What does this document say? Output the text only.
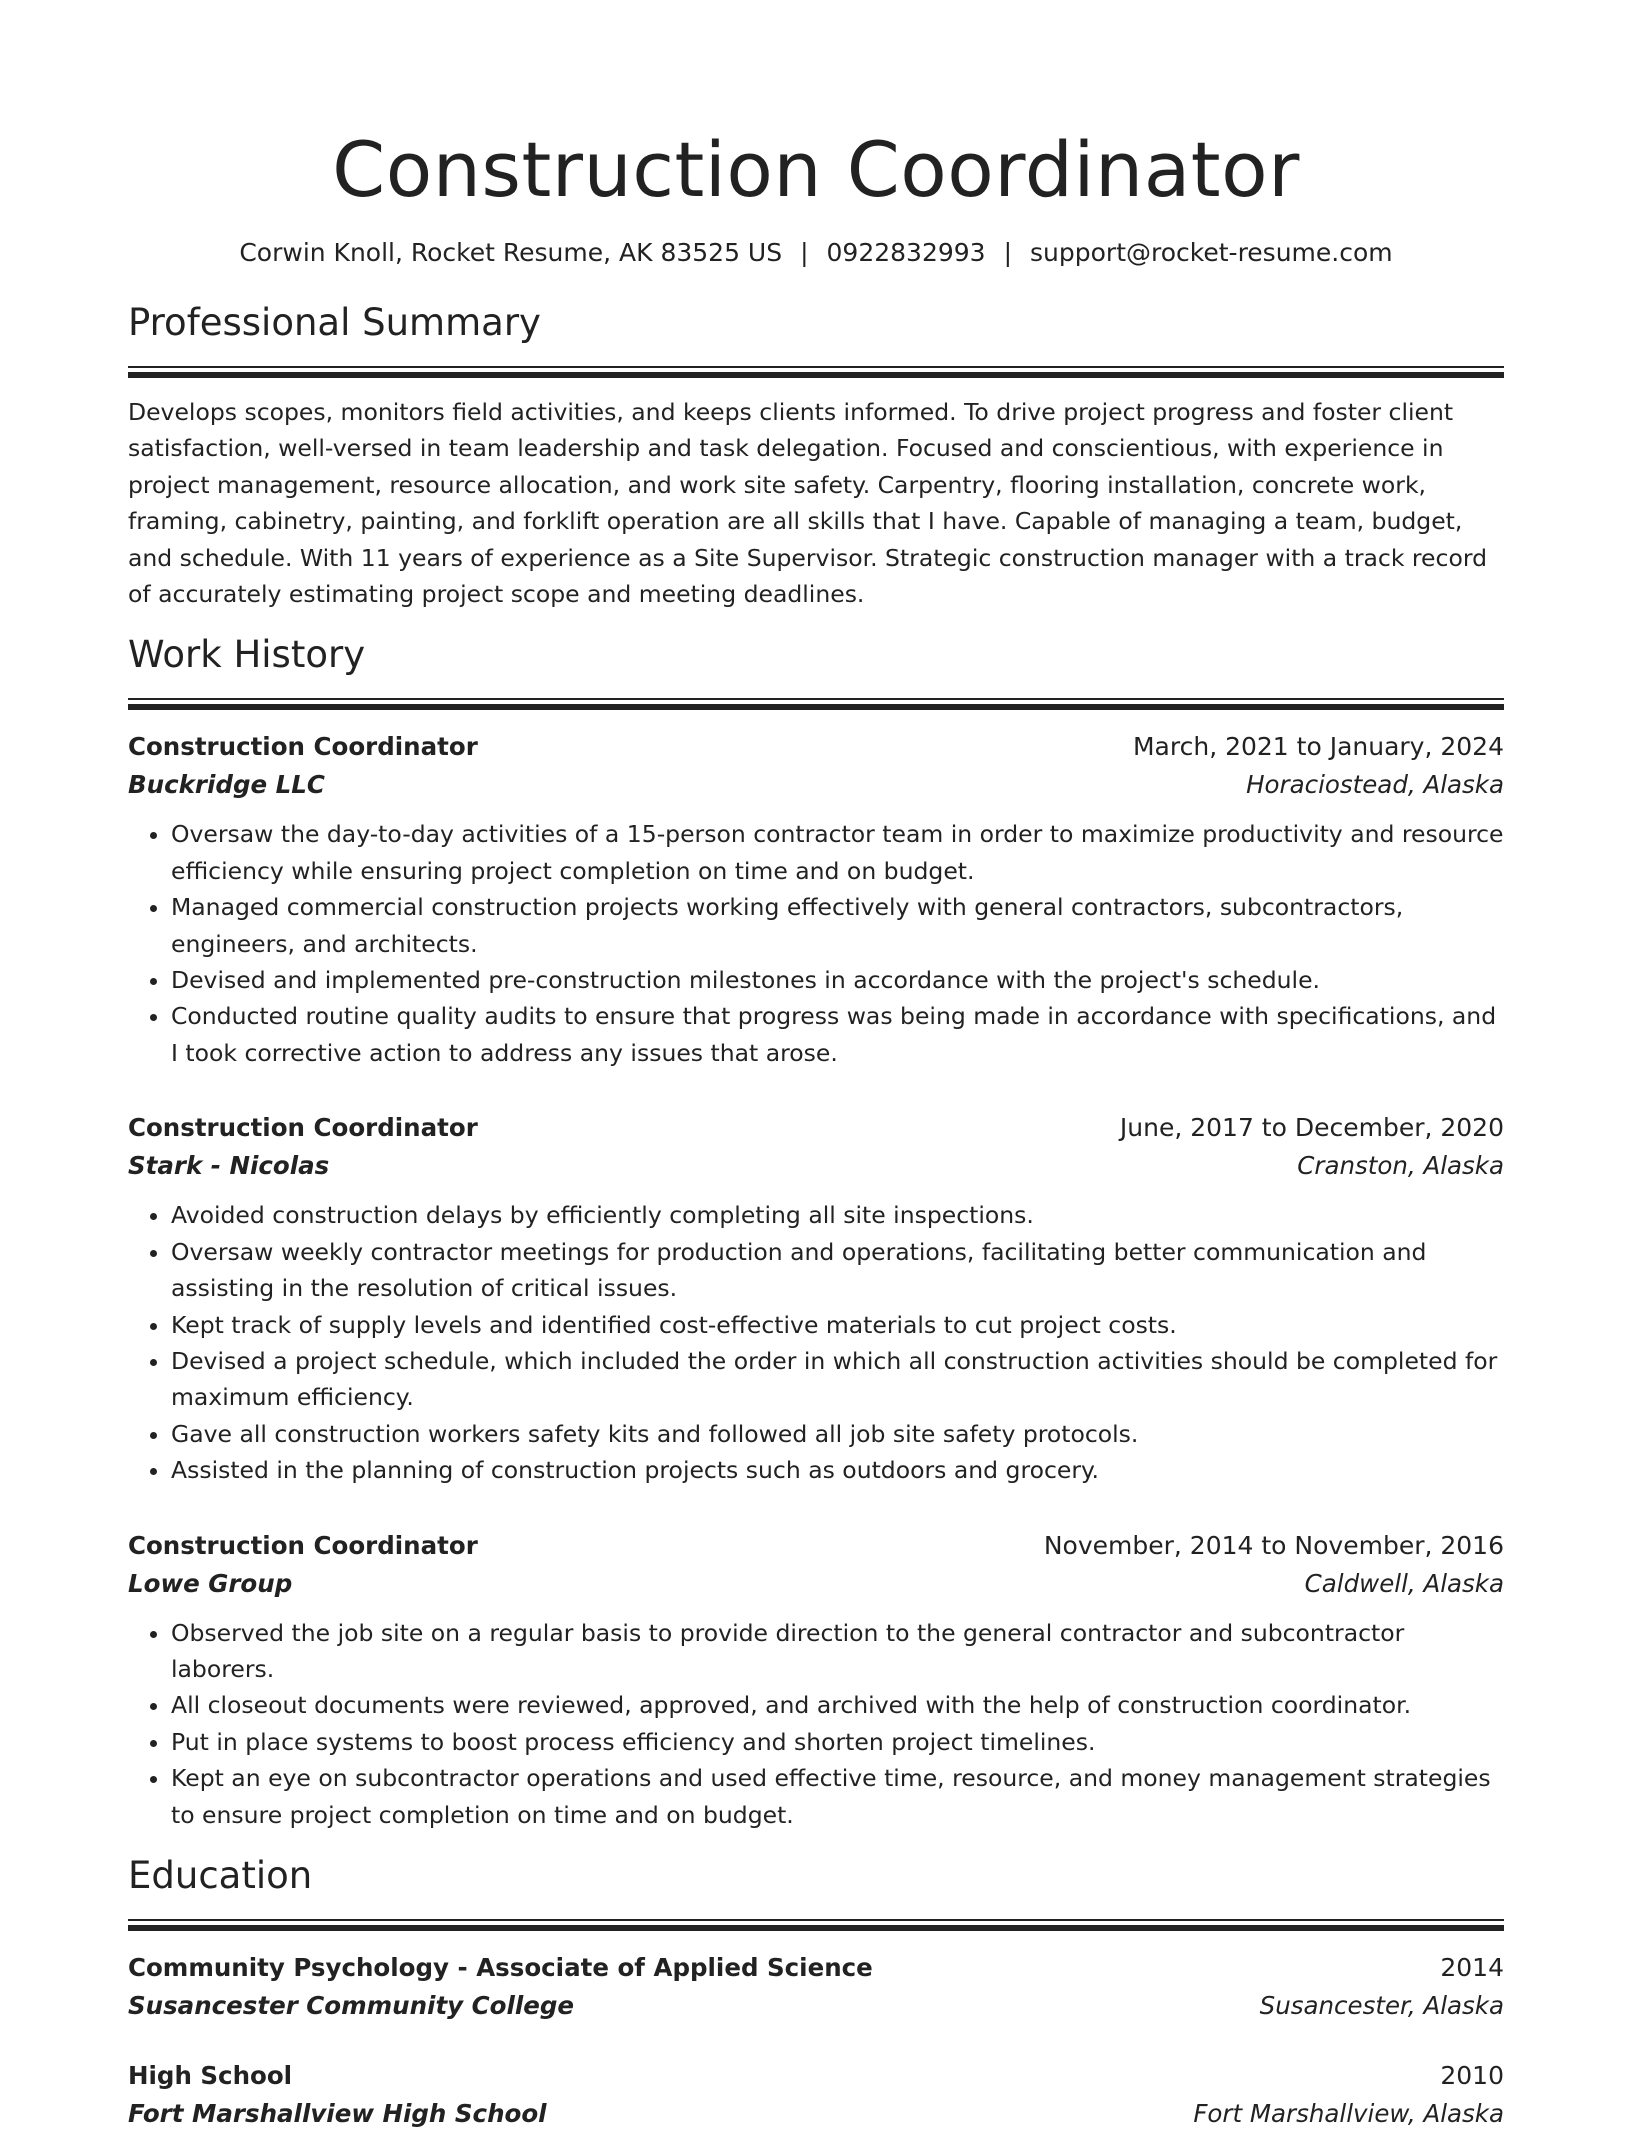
Construction Coordinator
Corwin Knoll, Rocket Resume, AK 83525 US | 0922832993 | support@rocket-resume.com
Professional Summary
Develops scopes, monitors field activities, and keeps clients informed. To drive project progress and foster client satisfaction, well-versed in team leadership and task delegation. Focused and conscientious, with experience in project management, resource allocation, and work site safety. Carpentry, flooring installation, concrete work, framing, cabinetry, painting, and forklift operation are all skills that I have. Capable of managing a team, budget, and schedule. With 11 years of experience as a Site Supervisor. Strategic construction manager with a track record of accurately estimating project scope and meeting deadlines.
Work History
Construction Coordinator	March, 2021 to January, 2024
Buckridge LLC	Horaciostead, Alaska
• Oversaw the day-to-day activities of a 15-person contractor team in order to maximize productivity and resource efficiency while ensuring project completion on time and on budget.
• Managed commercial construction projects working effectively with general contractors, subcontractors, engineers, and architects.
• Devised and implemented pre-construction milestones in accordance with the project's schedule.
• Conducted routine quality audits to ensure that progress was being made in accordance with specifications, and I took corrective action to address any issues that arose.
Construction Coordinator	June, 2017 to December, 2020
Stark - Nicolas	Cranston, Alaska
• Avoided construction delays by efficiently completing all site inspections.
• Oversaw weekly contractor meetings for production and operations, facilitating better communication and assisting in the resolution of critical issues.
• Kept track of supply levels and identified cost-effective materials to cut project costs.
• Devised a project schedule, which included the order in which all construction activities should be completed for maximum efficiency.
• Gave all construction workers safety kits and followed all job site safety protocols.
• Assisted in the planning of construction projects such as outdoors and grocery.
Construction Coordinator	November, 2014 to November, 2016
Lowe Group	Caldwell, Alaska
• Observed the job site on a regular basis to provide direction to the general contractor and subcontractor laborers.
• All closeout documents were reviewed, approved, and archived with the help of construction coordinator.
• Put in place systems to boost process efficiency and shorten project timelines.
• Kept an eye on subcontractor operations and used effective time, resource, and money management strategies to ensure project completion on time and on budget.
Education
Community Psychology - Associate of Applied Science	2014
Susancester Community College	Susancester, Alaska
High School	2010
Fort Marshallview High School	Fort Marshallview, Alaska
